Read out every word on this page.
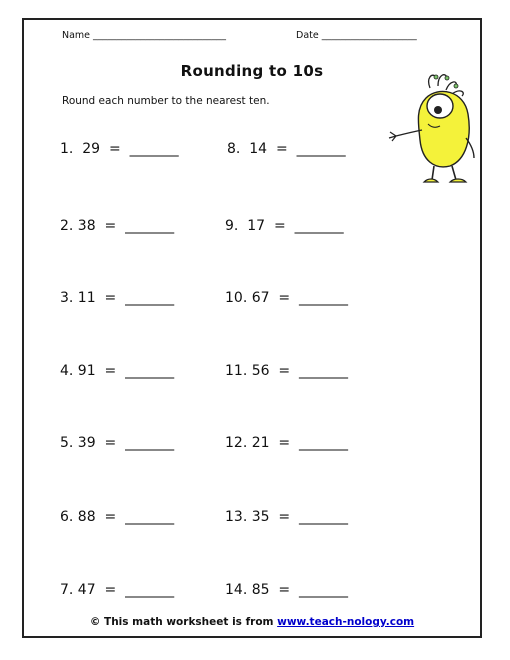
Name ____________________________	Date ____________________
Rounding to 10s
Round each number to the nearest ten.
1.  29  =  _______
2. 38  =  _______
3. 11  =  _______
4. 91  =  _______
5. 39  =  _______
6. 88  =  _______
7. 47  =  _______
8.  14  =  _______
9.  17  =  _______
10. 67  =  _______
11. 56  =  _______
12. 21  =  _______
13. 35  =  _______
14. 85  =  _______
© This math worksheet is from www.teach-nology.com
